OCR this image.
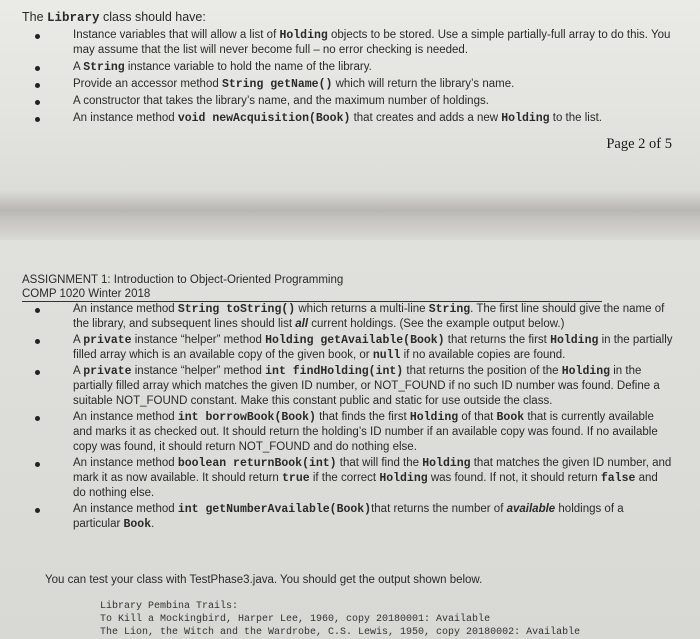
The Library class should have:
Instance variables that will allow a list of Holding objects to be stored. Use a simple partially-full array to do this. You may assume that the list will never become full – no error checking is needed.
A String instance variable to hold the name of the library.
Provide an accessor method String getName() which will return the library’s name.
A constructor that takes the library’s name, and the maximum number of holdings.
An instance method void newAcquisition(Book) that creates and adds a new Holding to the list.
Page 2 of 5
ASSIGNMENT 1: Introduction to Object-Oriented Programming
COMP 1020 Winter 2018
An instance method String toString() which returns a multi-line String. The first line should give the name of the library, and subsequent lines should list all current holdings. (See the example output below.)
A private instance “helper” method Holding getAvailable(Book) that returns the first Holding in the partially filled array which is an available copy of the given book, or null if no available copies are found.
A private instance “helper” method int findHolding(int) that returns the position of the Holding in the partially filled array which matches the given ID number, or NOT_FOUND if no such ID number was found. Define a suitable NOT_FOUND constant. Make this constant public and static for use outside the class.
An instance method int borrowBook(Book) that finds the first Holding of that Book that is currently available and marks it as checked out. It should return the holding’s ID number if an available copy was found. If no available copy was found, it should return NOT_FOUND and do nothing else.
An instance method boolean returnBook(int) that will find the Holding that matches the given ID number, and mark it as now available. It should return true if the correct Holding was found. If not, it should return false and do nothing else.
An instance method int getNumberAvailable(Book)that returns the number of available holdings of a particular Book.
You can test your class with TestPhase3.java. You should get the output shown below.
Library Pembina Trails:
To Kill a Mockingbird, Harper Lee, 1960, copy 20180001: Available
The Lion, the Witch and the Wardrobe, C.S. Lewis, 1950, copy 20180002: Available
